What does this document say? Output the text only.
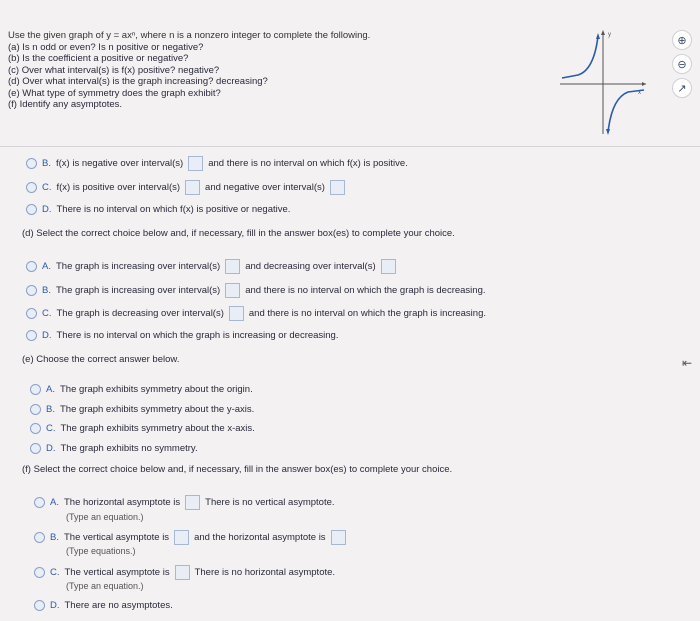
Use the given graph of y = axⁿ, where n is a nonzero integer to complete the following.
(a) Is n odd or even? Is n positive or negative?
(b) Is the coefficient a positive or negative?
(c) Over what interval(s) is f(x) positive? negative?
(d) Over what interval(s) is the graph increasing? decreasing?
(e) What type of symmetry does the graph exhibit?
(f) Identify any asymptotes.
y
x
⊕
⊖
↗
B. f(x) is negative over interval(s)	and there is no interval on which f(x) is positive.
C. f(x) is positive over interval(s)	and negative over interval(s)
D. There is no interval on which f(x) is positive or negative.
(d) Select the correct choice below and, if necessary, fill in the answer box(es) to complete your choice.
A. The graph is increasing over interval(s)	and decreasing over interval(s)
B. The graph is increasing over interval(s)	and there is no interval on which the graph is decreasing.
C. The graph is decreasing over interval(s)	and there is no interval on which the graph is increasing.
D. There is no interval on which the graph is increasing or decreasing.
(e) Choose the correct answer below.
A. The graph exhibits symmetry about the origin.
B. The graph exhibits symmetry about the y-axis.
C. The graph exhibits symmetry about the x-axis.
D. The graph exhibits no symmetry.
(f) Select the correct choice below and, if necessary, fill in the answer box(es) to complete your choice.
A. The horizontal asymptote is	There is no vertical asymptote.
(Type an equation.)
B. The vertical asymptote is	and the horizontal asymptote is
(Type equations.)
C. The vertical asymptote is	There is no horizontal asymptote.
(Type an equation.)
D. There are no asymptotes.
⇤
